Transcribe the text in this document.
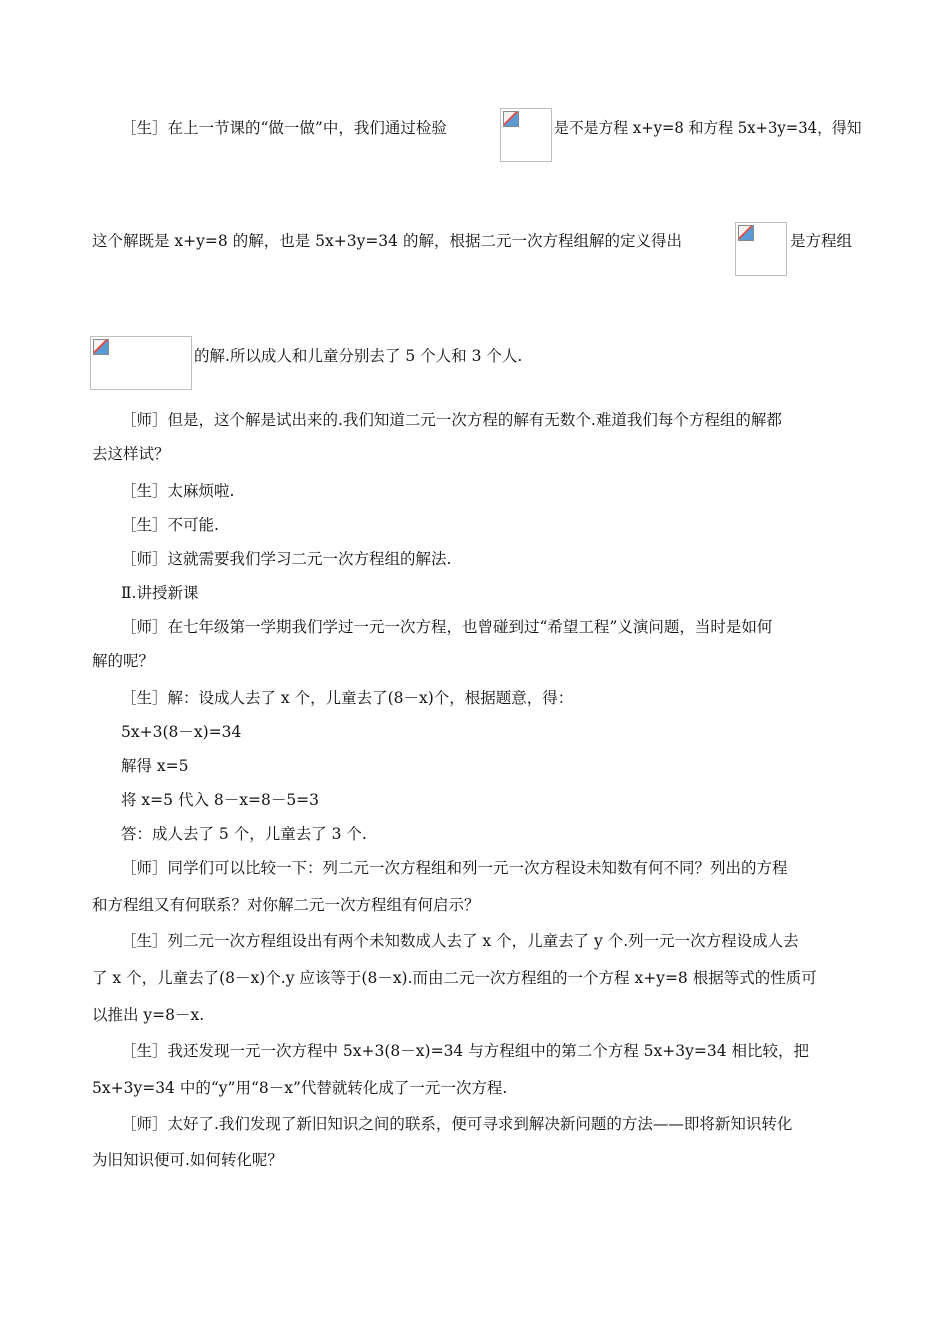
［生］在上一节课的“做一做”中，我们通过检验	是不是方程 x+y=8 和方程 5x+3y=34，得知
这个解既是 x+y=8 的解，也是 5x+3y=34 的解，根据二元一次方程组解的定义得出	是方程组
的解.所以成人和儿童分别去了 5 个人和 3 个人.
［师］但是，这个解是试出来的.我们知道二元一次方程的解有无数个.难道我们每个方程组的解都
去这样试？
［生］太麻烦啦.
［生］不可能.
［师］这就需要我们学习二元一次方程组的解法.
Ⅱ.讲授新课
［师］在七年级第一学期我们学过一元一次方程，也曾碰到过“希望工程”义演问题，当时是如何
解的呢？
［生］解：设成人去了 x 个，儿童去了(8－x)个，根据题意，得：
5x+3(8－x)=34
解得 x=5
将 x=5 代入 8－x=8－5=3
答：成人去了 5 个，儿童去了 3 个.
［师］同学们可以比较一下：列二元一次方程组和列一元一次方程设未知数有何不同？列出的方程
和方程组又有何联系？对你解二元一次方程组有何启示？
［生］列二元一次方程组设出有两个未知数成人去了 x 个，儿童去了 y 个.列一元一次方程设成人去
了 x 个，儿童去了(8－x)个.y 应该等于(8－x).而由二元一次方程组的一个方程 x+y=8 根据等式的性质可
以推出 y=8－x.
［生］我还发现一元一次方程中 5x+3(8－x)=34 与方程组中的第二个方程 5x+3y=34 相比较，把
5x+3y=34 中的“y”用“8－x”代替就转化成了一元一次方程.
［师］太好了.我们发现了新旧知识之间的联系，便可寻求到解决新问题的方法——即将新知识转化
为旧知识便可.如何转化呢？
